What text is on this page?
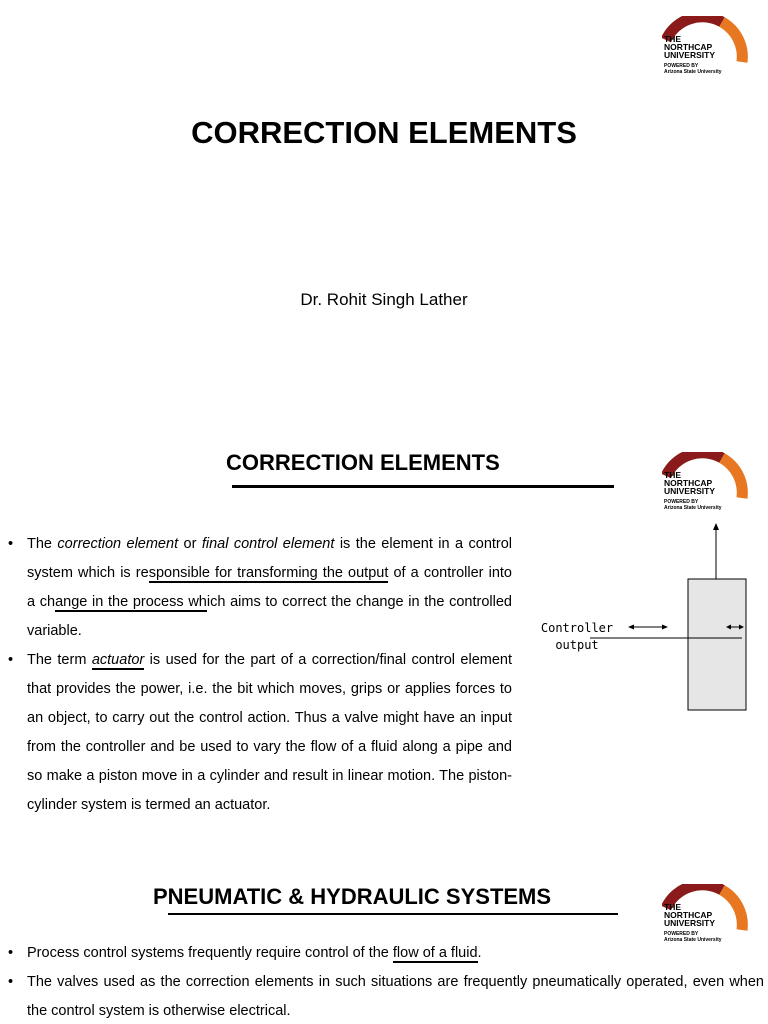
THE
NORTHCAP
UNIVERSITY
POWERED BY
Arizona State University
CORRECTION ELEMENTS
Dr. Rohit Singh Lather
THE
NORTHCAP
UNIVERSITY
POWERED BY
Arizona State University
CORRECTION ELEMENTS
• The correction element or final control element is the element in a control system which is responsible for transforming the output of a controller into a change in the process which aims to correct the change in the controlled variable.
• The term actuator is used for the part of a correction/final control element that provides the power, i.e. the bit which moves, grips or applies forces to an object, to carry out the control action. Thus a valve might have an input from the controller and be used to vary the flow of a fluid along a pipe and so make a piston move in a cylinder and result in linear motion. The piston-cylinder system is termed an actuator.
Controller
output
THE
NORTHCAP
UNIVERSITY
POWERED BY
Arizona State University
PNEUMATIC & HYDRAULIC SYSTEMS
• Process control systems frequently require control of the flow of a fluid.
• The valves used as the correction elements in such situations are frequently pneumatically operated, even when the control system is otherwise electrical.
